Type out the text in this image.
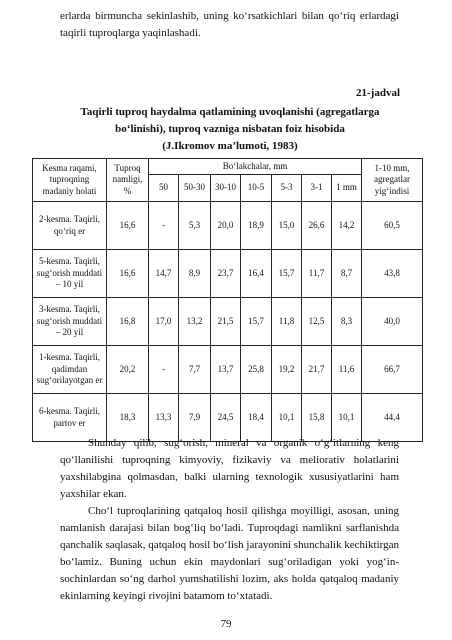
erlarda birmuncha sekinlashib, uning ko‘rsatkichlari bilan qo‘riq erlardagi taqirli tuproqlarga yaqinlashadi.

21-jadval

Taqirli tuproq haydalma qatlamining uvoqlanishi (agregatlarga bo‘linishi), tuproq vazniga nisbatan foiz hisobida
(J.Ikromov ma’lumoti, 1983)
Kesma raqami, tuproqning madaniy holati	Tuproq namligi, %	Bo‘lakchalar, mm							1-10 mm, agregatlar yig‘indisi
		50	50-30	30-10	10-5	5-3	3-1	1 mm	
2-kesma. Taqirli, qo‘riq er	16,6	-	5,3	20,0	18,9	15,0	26,6	14,2	60,5
5-kesma. Taqirli, sug‘orish muddati – 10 yil	16,6	14,7	8,9	23,7	16,4	15,7	11,7	8,7	43,8
3-kesma. Taqirli, sug‘orish muddati – 20 yil	16,8	17,0	13,2	21,5	15,7	11,8	12,5	8,3	40,0
1-kesma. Taqirli, qadimdan sug‘orilayotgan er	20,2	-	7,7	13,7	25,8	19,2	21,7	11,6	66,7
6-kesma. Taqirli, partov er	18,3	13,3	7,9	24,5	18,4	10,1	15,8	10,1	44,4

Shunday qilib, sug‘orish, mineral va organik o‘g‘itlarning keng qo‘llanilishi tuproqning kimyoviy, fizikaviy va meliorativ holatlarini yaxshilabgina qolmasdan, balki ularning texnologik xususiyatlarini ham yaxshilar ekan.

Cho‘l tuproqlarining qatqaloq hosil qilishga moyilligi, asosan, uning namlanish darajasi bilan bog‘liq bo‘ladi. Tuproqdagi namlikni sarflanishda qanchalik saqlasak, qatqaloq hosil bo‘lish jarayonini shunchalik kechiktirgan bo‘lamiz. Buning uchun ekin maydonlari sug‘oriladigan yoki yog‘in-sochinlardan so‘ng darhol yumshatilishi lozim, aks holda qatqaloq madaniy ekinlarning keyingi rivojini batamom to‘xtatadi.

79
